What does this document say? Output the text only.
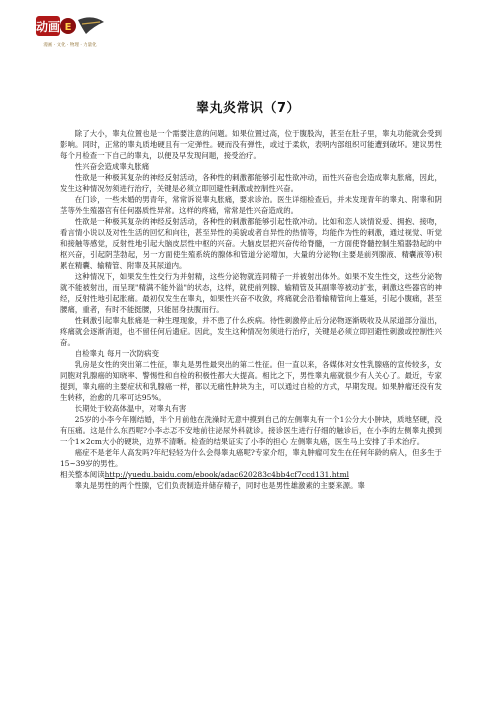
动画 E
漫画 · 文化 · 物理 · 力量化
睾丸炎常识（7）

除了大小，睾丸位置也是一个需要注意的问题。如果位置过高，位于腹股沟，甚至在肚子里，睾丸功能就会受到影响。同时，正常的睾丸质地硬且有一定弹性。硬而没有弹性，或过于柔软，表明内部组织可能遭到破坏。建议男性每个月检查一下自己的睾丸，以便及早发现问题，接受治疗。

性兴奋会造成睾丸胀痛

性欲是一种极其复杂的神经反射活动，各种性的刺激都能够引起性欲冲动，而性兴奋也会造成睾丸胀痛，因此，发生这种情况勿须进行治疗，关键是必须立即回避性刺激或控制性兴奋。

在门诊，一些未婚的男青年，常常诉说睾丸胀痛，要求诊治。医生详细检查后，并未发现青年的睾丸、附睾和阴茎等外生殖器官有任何器质性异常。这样的疼痛，常常是性兴奋造成的。

性欲是一种极其复杂的神经反射活动，各种性的刺激都能够引起性欲冲动。比如和恋人谈情说爱、拥抱、接吻，看言情小说以及对性生活的回忆和向往，甚至异性的美貌或者自异性的热情等，均能作为性的刺激，通过视觉、听觉和接触等感觉，反射性地引起大脑皮层性中枢的兴奋。大脑皮层把兴奋传给脊髓，一方面使脊髓控制生殖器勃起的中枢兴奋，引起阴茎勃起，另一方面使生殖系统的腺体和管道分泌增加，大量的分泌物(主要是前列腺液、精囊液等)积累在精囊、输精管、附睾及其尿道内。

这种情况下，如果发生性交行为并射精，这些分泌物就连同精子一并被射出体外。如果不发生性交，这些分泌物就不能被射出，而呈现"精满不能外溢"的状态，这样，就使前列腺、输精管及其副睾等被动扩张，刺激这些器官的神经，反射性地引起胀痛。最初仅发生在睾丸，如果性兴奋不收敛，疼痛就会沿着输精管向上蔓延，引起小腹痛，甚至腰痛，重者，有时不能挺腰，只能屈身扶腹而行。

性刺激引起睾丸胀痛是一种生理现象，并不患了什么疾病。待性刺激停止后分泌物逐渐吸收及从尿道部分溢出，疼痛就会逐渐消退，也不留任何后遗症。因此，发生这种情况勿须进行治疗，关键是必须立即回避性刺激或控制性兴奋。

自检睾丸 每月一次防病变

乳房是女性的突出第二性征，睾丸是男性最突出的第二性征。但一直以来，各媒体对女性乳腺癌的宣传较多，女同胞对乳腺癌的知晓率、警惕性和自检的积极性都大大提高。相比之下，男性睾丸癌就很少有人关心了。最近，专家提到，睾丸癌的主要症状和乳腺癌一样，都以无痛性肿块为主，可以通过自检的方式，早期发现。如果肿瘤还没有发生转移，治愈的几率可达95%。

长期处于较高体温中，对睾丸有害

25岁的小李今年刚结婚，半个月前他在洗澡时无意中摸到自己的左侧睾丸有一个1公分大小肿块，质地坚硬，没有压痛。这是什么东西呢?小李忐忑不安地前往泌尿外科就诊。接诊医生进行仔细的触诊后，在小李的左侧睾丸摸到一个1×2cm大小的硬块，边界不清晰。检查的结果证实了小李的担心 左侧睾丸癌，医生马上安排了手术治疗。

癌症不是老年人高发吗?年纪轻轻为什么会得睾丸癌呢?专家介绍，睾丸肿瘤可发生在任何年龄的病人，但多生于15~39岁的男性。

相关整本阅读http://yuedu.baidu.com/ebook/adac620283c4bb4cf7ccd131.html

睾丸是男性的两个性腺，它们负责制造并储存精子，同时也是男性雄激素的主要来源。睾
